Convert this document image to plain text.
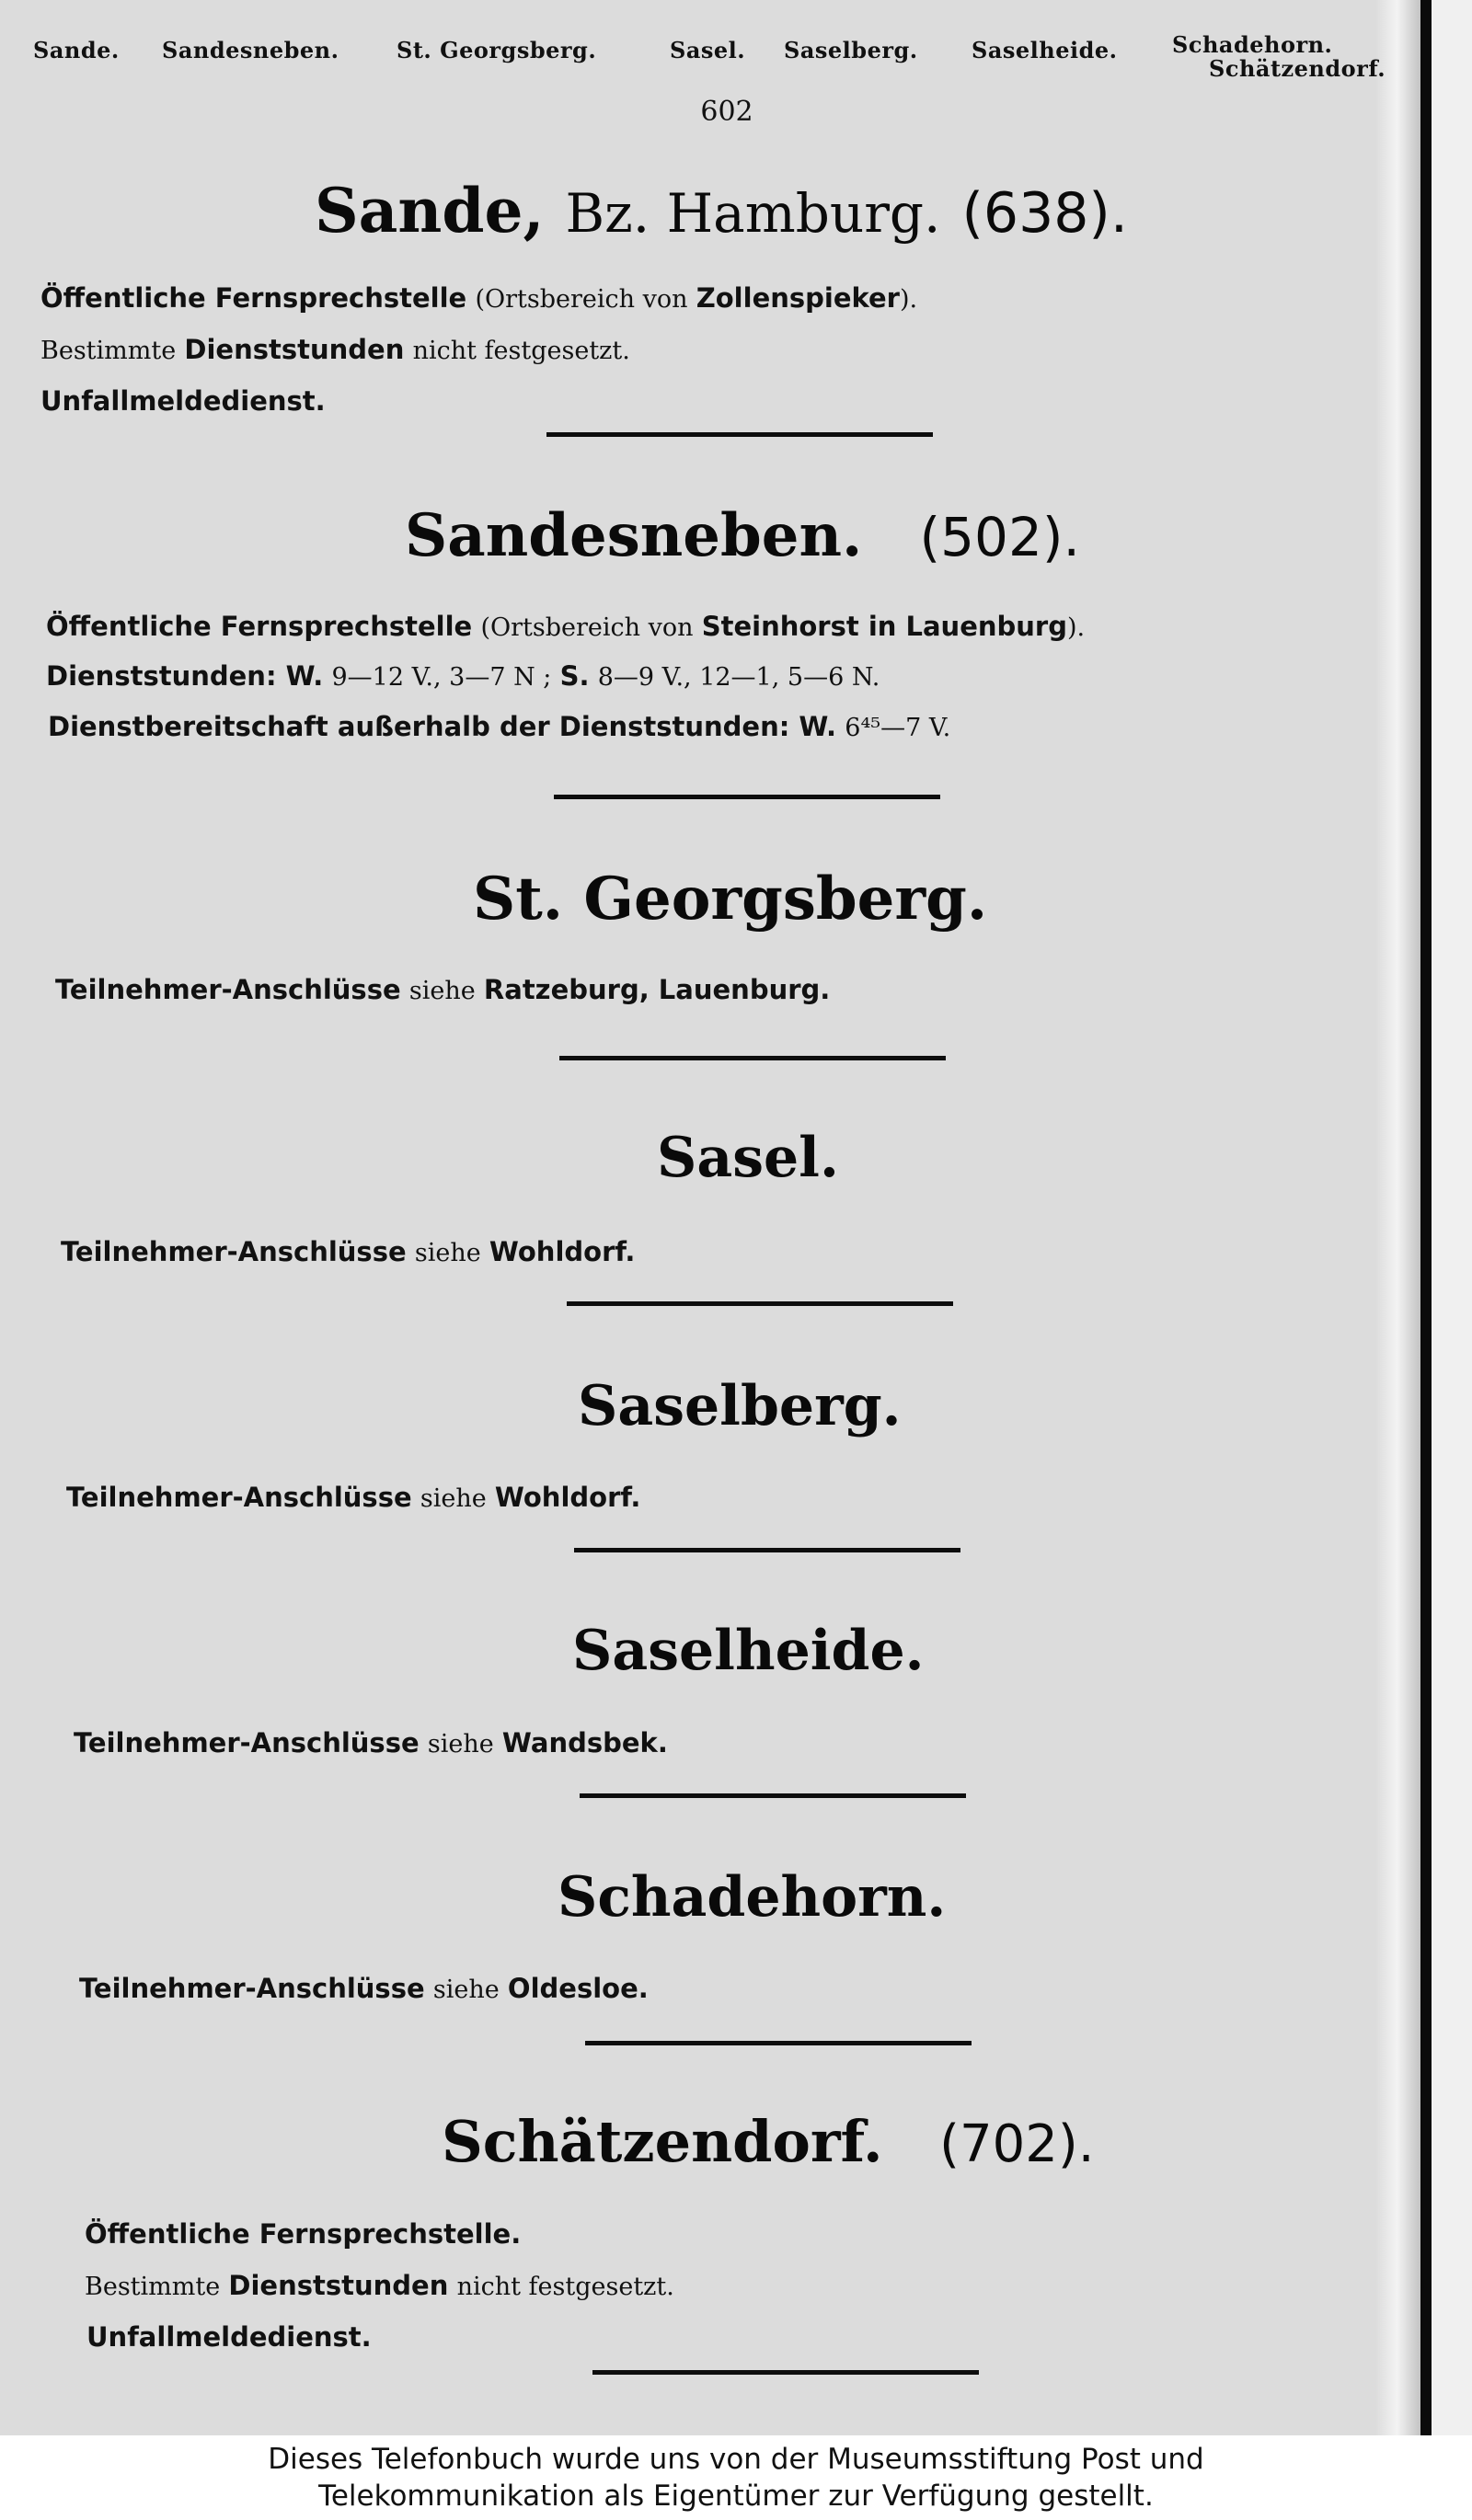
Sande. Sandesneben.	St. Georgsberg.	Sasel. Saselberg. Saselheide. Schadehorn.
Schätzendorf.
602
Sande, Bz. Hamburg. (638).
Öffentliche Fernsprechstelle (Ortsbereich von Zollenspieker).
Bestimmte Dienststunden nicht festgesetzt.
Unfallmeldedienst.
Sandesneben. (502).
Öffentliche Fernsprechstelle (Ortsbereich von Steinhorst in Lauenburg).
Dienststunden: W. 9—12 V., 3—7 N ; S. 8—9 V., 12—1, 5—6 N.
Dienstbereitschaft außerhalb der Dienststunden: W. 6⁴⁵—7 V.
St. Georgsberg.
Teilnehmer-Anschlüsse siehe Ratzeburg, Lauenburg.
Sasel.
Teilnehmer-Anschlüsse siehe Wohldorf.
Saselberg.
Teilnehmer-Anschlüsse siehe Wohldorf.
Saselheide.
Teilnehmer-Anschlüsse siehe Wandsbek.
Schadehorn.
Teilnehmer-Anschlüsse siehe Oldesloe.
Schätzendorf. (702).
Öffentliche Fernsprechstelle.
Bestimmte Dienststunden nicht festgesetzt.
Unfallmeldedienst.
Dieses Telefonbuch wurde uns von der Museumsstiftung Post und
Telekommunikation als Eigentümer zur Verfügung gestellt.
